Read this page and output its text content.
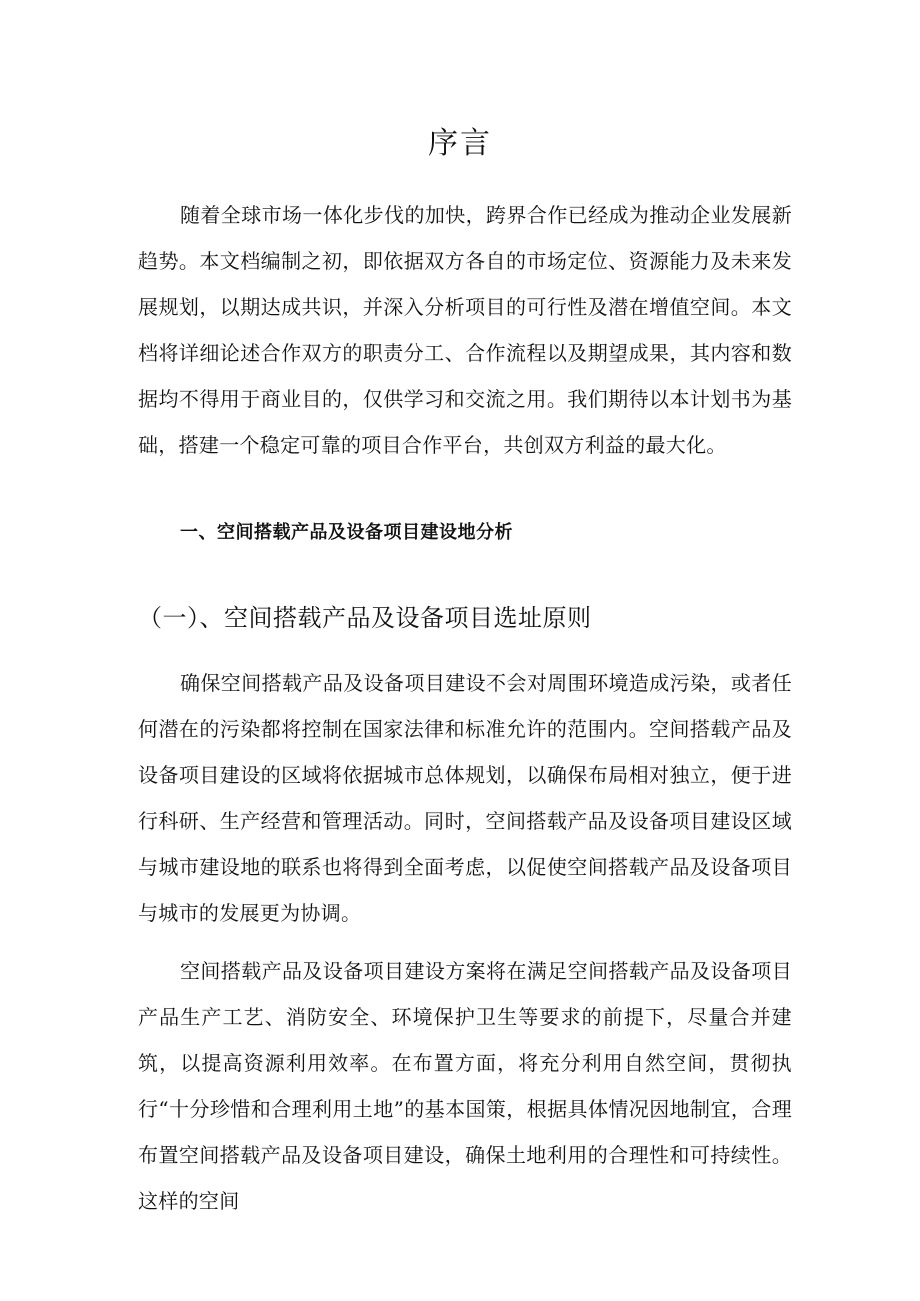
序言

随着全球市场一体化步伐的加快，跨界合作已经成为推动企业发展新趋势。本文档编制之初，即依据双方各自的市场定位、资源能力及未来发展规划，以期达成共识，并深入分析项目的可行性及潜在增值空间。本文档将详细论述合作双方的职责分工、合作流程以及期望成果，其内容和数据均不得用于商业目的，仅供学习和交流之用。我们期待以本计划书为基础，搭建一个稳定可靠的项目合作平台，共创双方利益的最大化。

一、空间搭载产品及设备项目建设地分析
（一）、空间搭载产品及设备项目选址原则

确保空间搭载产品及设备项目建设不会对周围环境造成污染，或者任何潜在的污染都将控制在国家法律和标准允许的范围内。空间搭载产品及设备项目建设的区域将依据城市总体规划，以确保布局相对独立，便于进行科研、生产经营和管理活动。同时，空间搭载产品及设备项目建设区域与城市建设地的联系也将得到全面考虑，以促使空间搭载产品及设备项目与城市的发展更为协调。

空间搭载产品及设备项目建设方案将在满足空间搭载产品及设备项目产品生产工艺、消防安全、环境保护卫生等要求的前提下，尽量合并建筑，以提高资源利用效率。在布置方面，将充分利用自然空间，贯彻执行“十分珍惜和合理利用土地”的基本国策，根据具体情况因地制宜，合理布置空间搭载产品及设备项目建设，确保土地利用的合理性和可持续性。这样的空间
